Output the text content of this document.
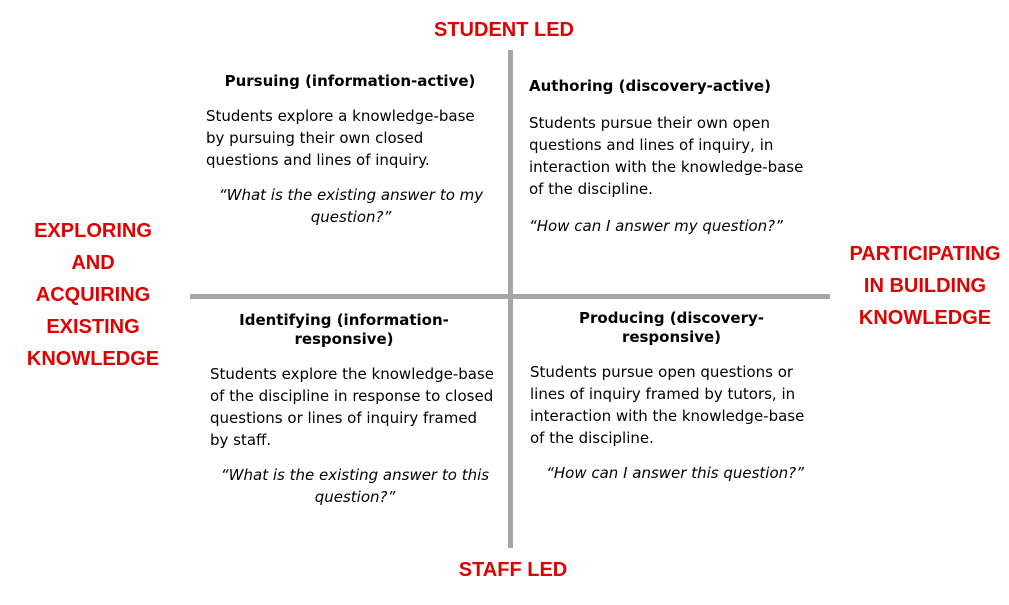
STUDENT LED
EXPLORING
AND
ACQUIRING
EXISTING
KNOWLEDGE
PARTICIPATING
IN BUILDING
KNOWLEDGE
STAFF LED

Pursuing (information-active)

Students explore a knowledge-base by pursuing their own closed questions and lines of inquiry.

“What is the existing answer to my question?”

Authoring (discovery-active)

Students pursue their own open questions and lines of inquiry, in interaction with the knowledge-base of the discipline.

“How can I answer my question?”

Identifying (information-responsive)

Students explore the knowledge-base of the discipline in response to closed questions or lines of inquiry framed by staff.

“What is the existing answer to this question?”

Producing (discovery-responsive)

Students pursue open questions or lines of inquiry framed by tutors, in interaction with the knowledge-base of the discipline.

“How can I answer this question?”
